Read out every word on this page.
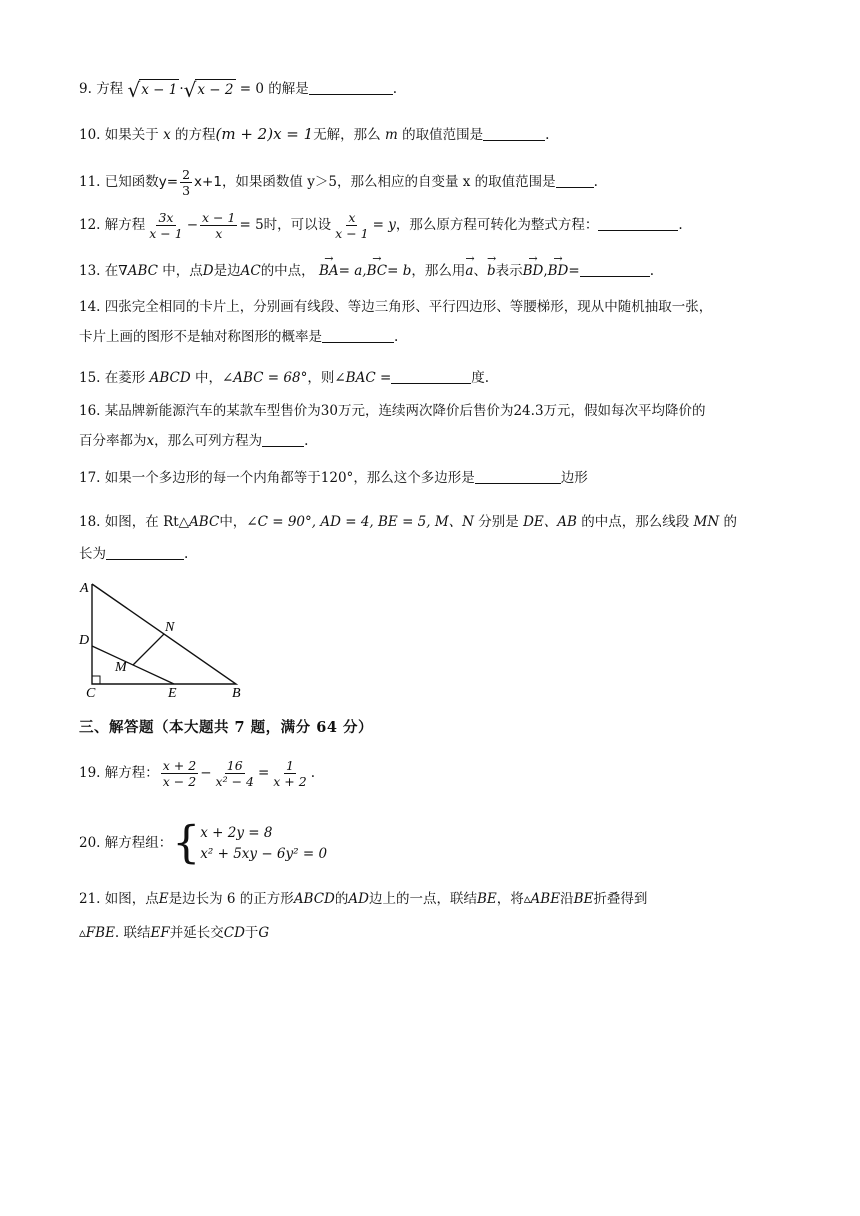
9. 方程 √ x − 1 · √ x − 2 = 0 的解是	.
10. 如果关于 x 的方程(m + 2)x = 1无解，那么 m 的取值范围是	.
11. 已知函数$y= \frac{2}{3} x+1$，如果函数值 y＞5，那么相应的自变量 x 的取值范围是	.
12. 解方程 $\frac{3x}{x - 1} - \frac{x - 1}{x} = 5$时，可以设 $\frac{x}{x - 1} = y$，那么原方程可转化为整式方程：	.
13. 在∇ABC 中，点D是边AC的中点， → BA= a,→ BC= b，那么用→ a、→ b表示→ BD,→ BD=	.
14. 四张完全相同的卡片上，分别画有线段、等边三角形、平行四边形、等腰梯形，现从中随机抽取一张，
卡片上画的图形不是轴对称图形的概率是	.
15. 在菱形 ABCD 中，∠ABC = 68°，则∠BAC =	度.
16. 某品牌新能源汽车的某款车型售价为30万元，连续两次降价后售价为24.3万元，假如每次平均降价的
百分率都为x，那么可列方程为	.
17. 如果一个多边形的每一个内角都等于120°，那么这个多边形是	边形
18. 如图，在 Rt△ABC中，∠C = 90°, AD = 4, BE = 5, M、N 分别是 DE、AB 的中点，那么线段 MN 的
长为	.
A
D
M
N
C	E	B
三、解答题（本大题共 7 题，满分 64 分）
19. 解方程： $\frac{x + 2}{x - 2} - \frac{16}{\text{x² − 4}} = \frac{1}{x + 2}$ .
20. 解方程组：{ x + 2y = 8
x² + 5xy − 6y² = 0
21. 如图，点E是边长为 6 的正方形ABCD的AD边上的一点，联结BE，将▵ABE沿BE折叠得到
▵FBE. 联结EF并延长交CD于G
